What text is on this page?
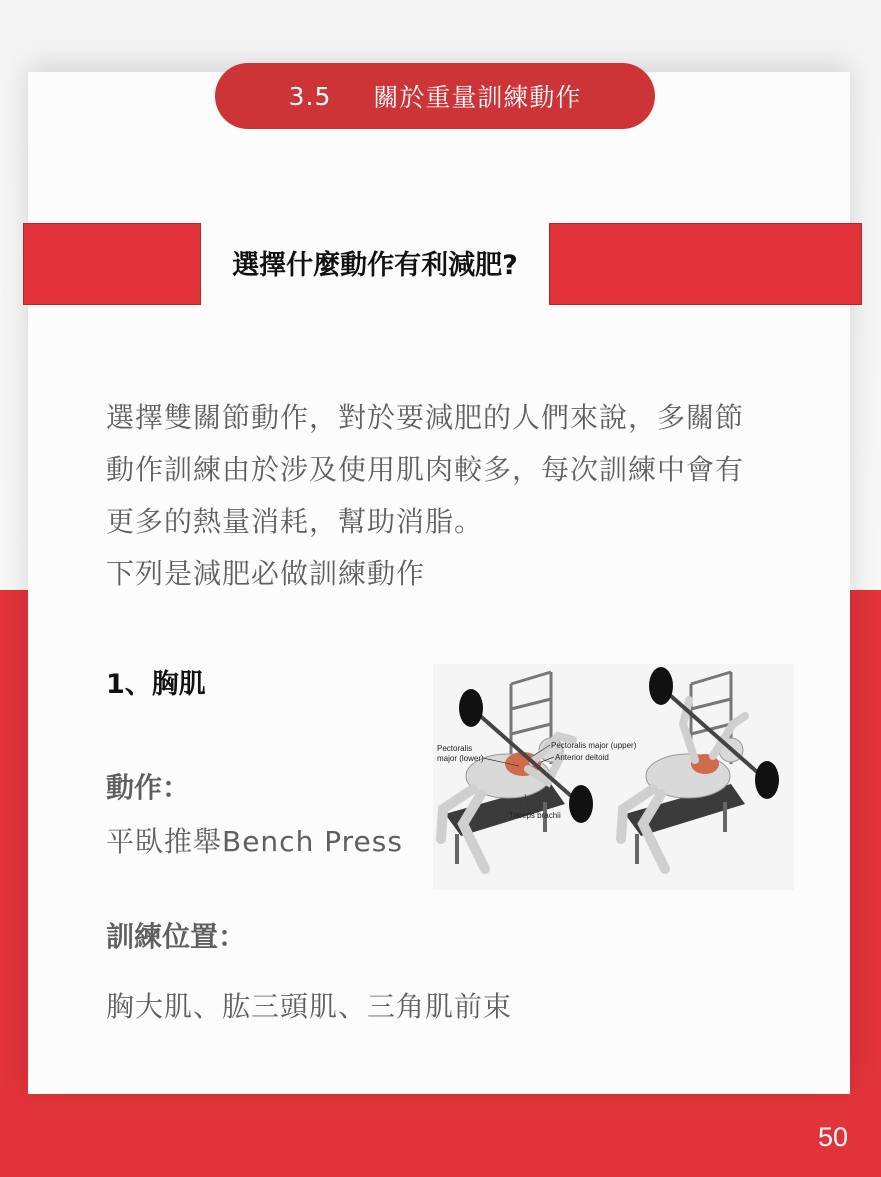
3.5 關於重量訓練動作
選擇什麼動作有利減肥?
選擇雙關節動作，對於要減肥的人們來說，多關節動作訓練由於涉及使用肌肉較多，每次訓練中會有更多的熱量消耗，幫助消脂。
下列是減肥必做訓練動作
1、胸肌
動作：
平臥推舉Bench Press
訓練位置：
胸大肌、肱三頭肌、三角肌前束
Pectoralis
major (lower)
Pectoralis major (upper)
Anterior deltoid
Triceps brachii
50
